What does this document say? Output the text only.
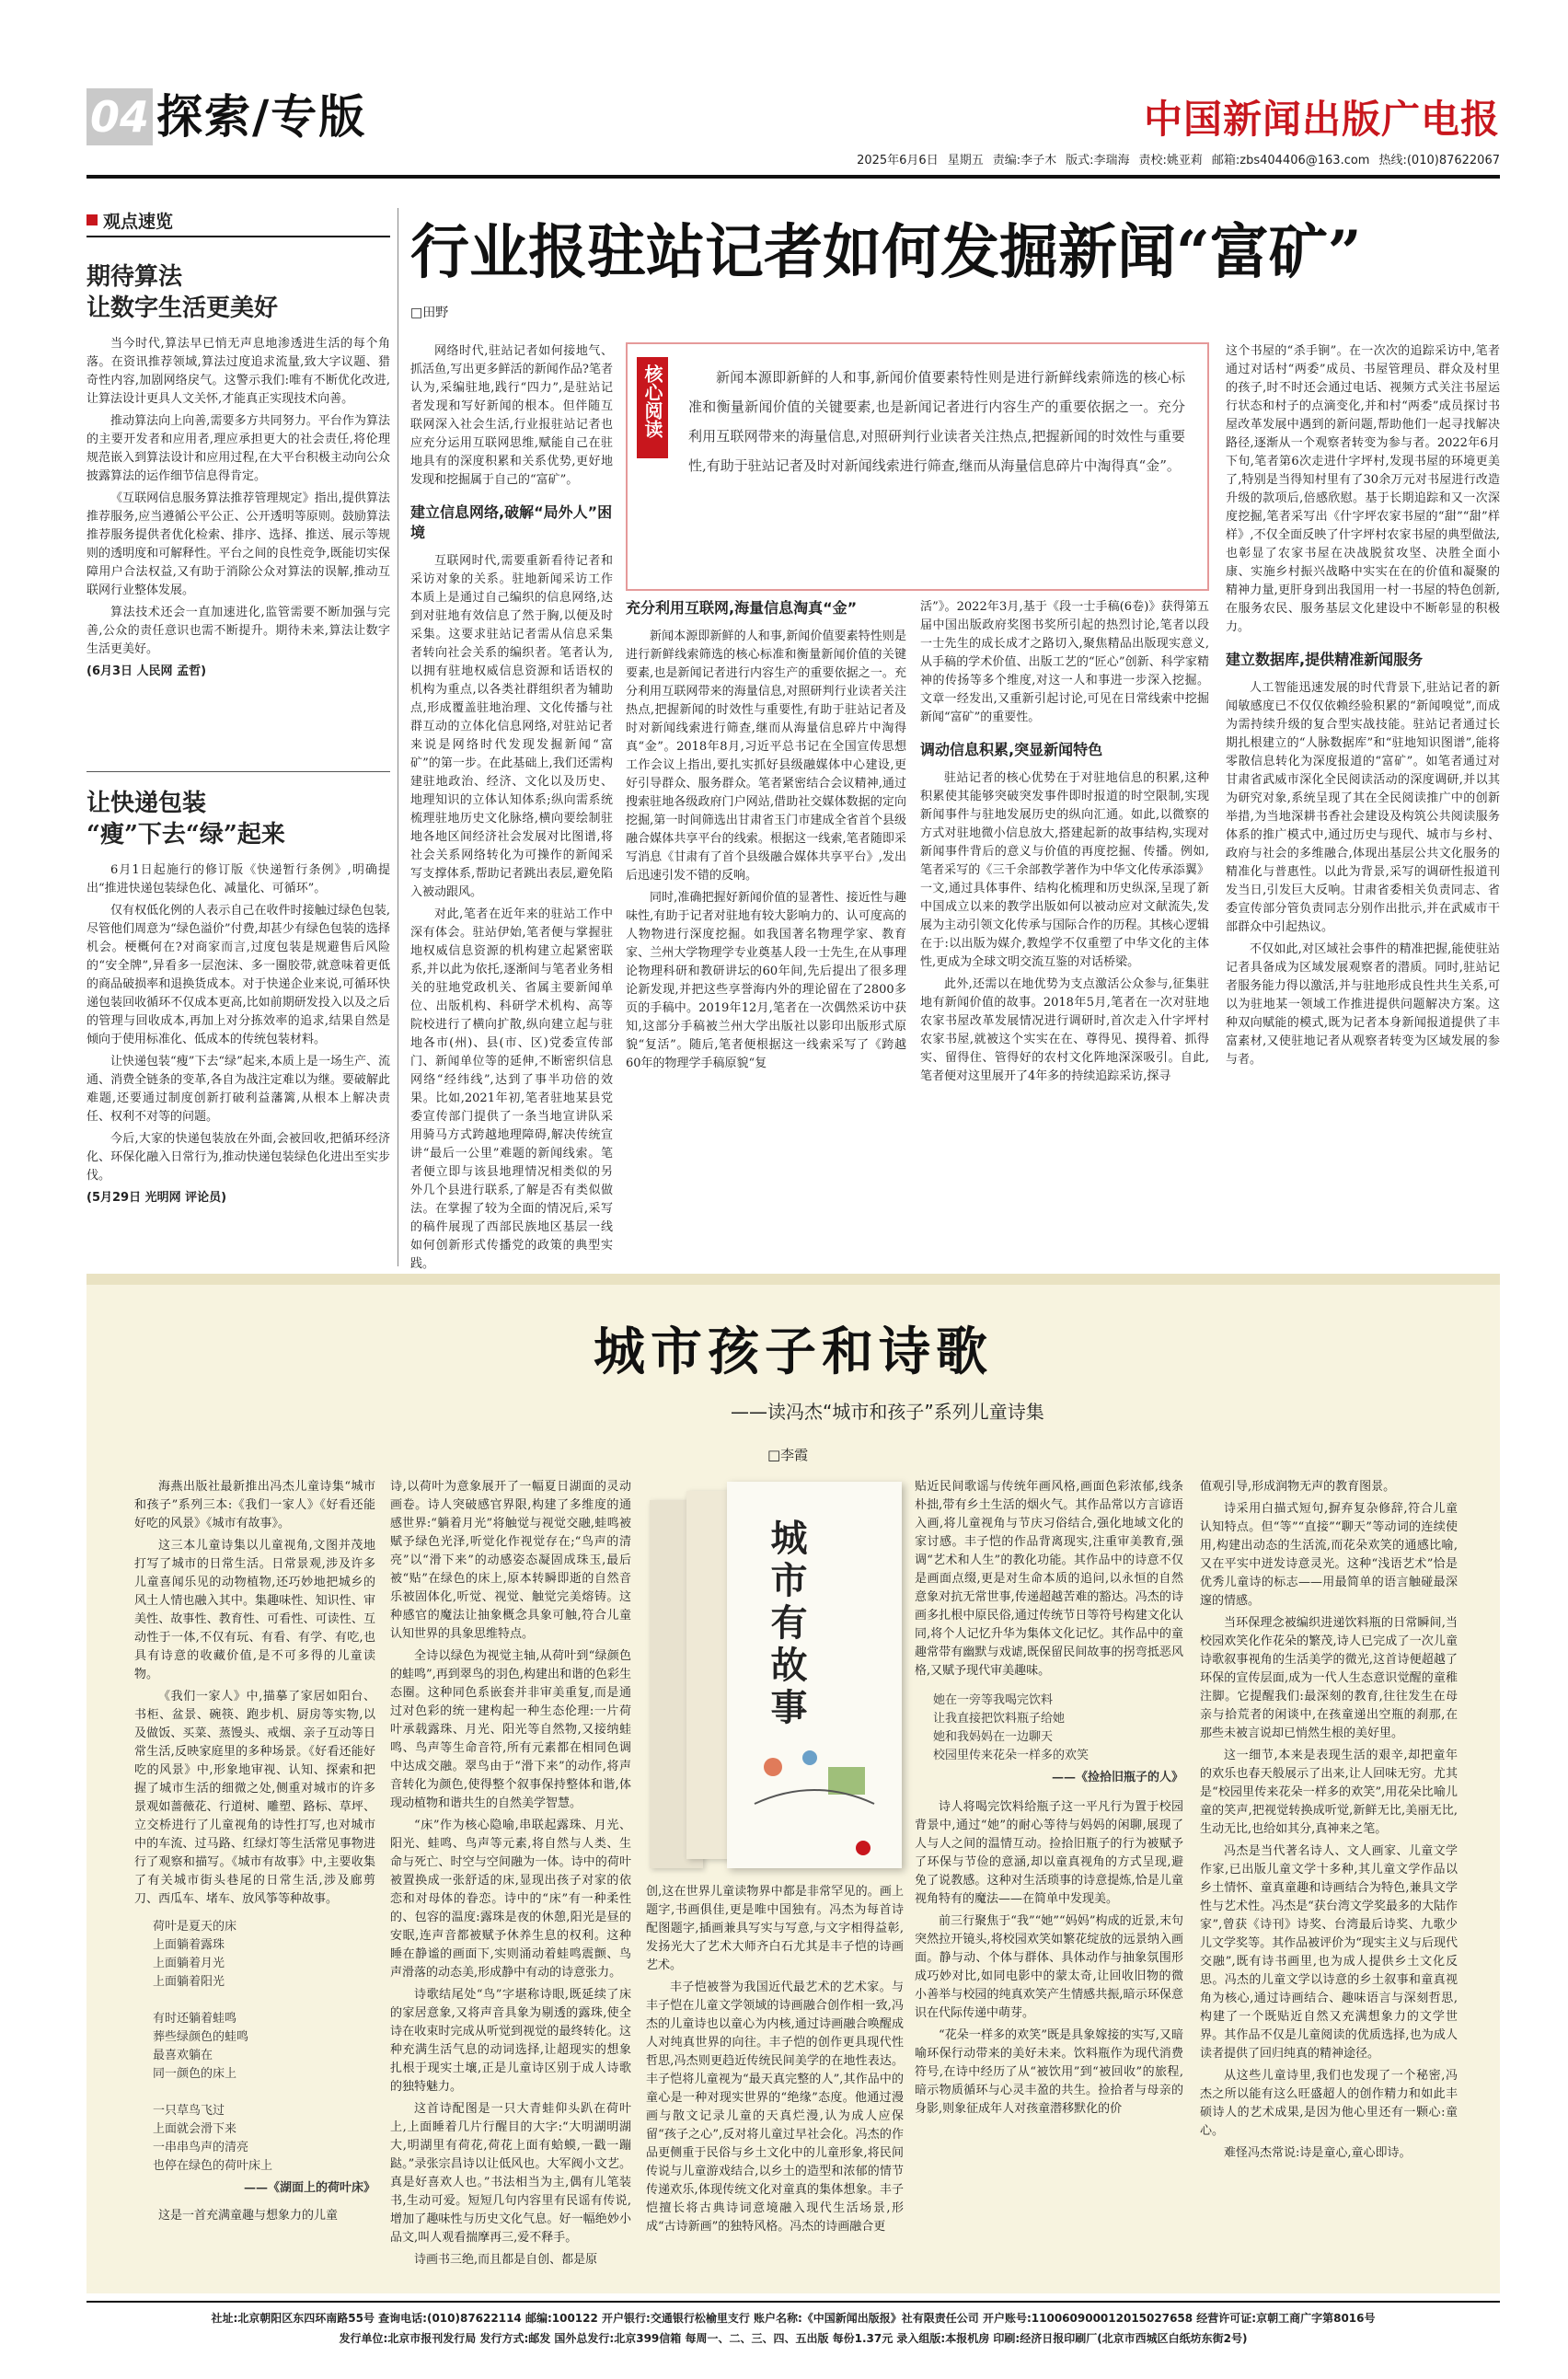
04 探索/专版	中国新闻出版广电报
2025年6月6日 星期五 责编:李子木 版式:李瑞海 责校:姚亚莉 邮箱:zbs404406@163.com 热线:(010)87622067
观点速览
期待算法
让数字生活更美好

当今时代,算法早已悄无声息地渗透进生活的每个角落。在资讯推荐领域,算法过度追求流量,致大字议题、猎奇性内容,加剧网络戾气。这警示我们:唯有不断优化改进,让算法设计更具人文关怀,才能真正实现技术向善。

推动算法向上向善,需要多方共同努力。平台作为算法的主要开发者和应用者,理应承担更大的社会责任,将伦理规范嵌入到算法设计和应用过程,在大平台积极主动向公众披露算法的运作细节信息得肯定。

《互联网信息服务算法推荐管理规定》指出,提供算法推荐服务,应当遵循公平公正、公开透明等原则。鼓励算法推荐服务提供者优化检索、排序、选择、推送、展示等规则的透明度和可解释性。平台之间的良性竞争,既能切实保障用户合法权益,又有助于消除公众对算法的误解,推动互联网行业整体发展。

算法技术还会一直加速进化,监管需要不断加强与完善,公众的责任意识也需不断提升。期待未来,算法让数字生活更美好。

(6月3日 人民网 孟哲)
让快递包装
“瘦”下去“绿”起来

6月1日起施行的修订版《快递暂行条例》,明确提出“推进快递包装绿色化、减量化、可循环”。

仅有权低化例的人表示自己在收件时接触过绿色包装,尽管他们周意为“绿色溢价”付费,却甚少有绿色包装的选择机会。梗概何在?对商家而言,过度包装是规避售后风险的“安全牌”,异看多一层泡沫、多一圈胶带,就意味着更低的商品破损率和退换货成本。对于快递企业来说,可循环快递包装回收循环不仅成本更高,比如前期研发投入以及之后的管理与回收成本,再加上对分拣效率的追求,结果自然是倾向于使用标准化、低成本的传统包装材料。

让快递包装“瘦”下去“绿”起来,本质上是一场生产、流通、消费全链条的变革,各自为战注定难以为继。要破解此难题,还要通过制度创新打破利益藩篱,从根本上解决责任、权利不对等的问题。

今后,大家的快递包装放在外面,会被回收,把循环经济化、环保化融入日常行为,推动快递包装绿色化进出至实步伐。

(5月29日 光明网 评论员)
行业报驻站记者如何发掘新闻“富矿”
□田野

网络时代,驻站记者如何接地气、抓活鱼,写出更多鲜活的新闻作品?笔者认为,采编驻地,践行“四力”,是驻站记者发现和写好新闻的根本。但伴随互联网深入社会生活,行业报驻站记者也应充分运用互联网思维,赋能自己在驻地具有的深度积累和关系优势,更好地发现和挖掘属于自己的“富矿”。

建立信息网络,破解“局外人”困境

互联网时代,需要重新看待记者和采访对象的关系。驻地新闻采访工作本质上是通过自己编织的信息网络,达到对驻地有效信息了然于胸,以便及时采集。这要求驻站记者需从信息采集者转向社会关系的编织者。笔者认为,以拥有驻地权威信息资源和话语权的机构为重点,以各类社群组织者为辅助点,形成覆盖驻地治理、文化传播与社群互动的立体化信息网络,对驻站记者来说是网络时代发现发掘新闻“富矿”的第一步。在此基础上,我们还需构建驻地政治、经济、文化以及历史、地理知识的立体认知体系;纵向需系统梳理驻地历史文化脉络,横向要绘制驻地各地区间经济社会发展对比图谱,将社会关系网络转化为可操作的新闻采写支撑体系,帮助记者跳出表层,避免陷入被动跟风。

对此,笔者在近年来的驻站工作中深有体会。驻站伊始,笔者便与掌握驻地权威信息资源的机构建立起紧密联系,并以此为依托,逐渐间与笔者业务相关的驻地党政机关、省属主要新闻单位、出版机构、科研学术机构、高等院校进行了横向扩散,纵向建立起与驻地各市(州)、县(市、区)党委宣传部门、新闻单位等的延伸,不断密织信息网络“经纬线”,达到了事半功倍的效果。比如,2021年初,笔者驻地某县党委宣传部门提供了一条当地宣讲队采用骑马方式跨越地理障碍,解决传统宣讲“最后一公里”难题的新闻线索。笔者便立即与该县地理情况相类似的另外几个县进行联系,了解是否有类似做法。在掌握了较为全面的情况后,采写的稿件展现了西部民族地区基层一线如何创新形式传播党的政策的典型实践。

核心阅读	新闻本源即新鲜的人和事,新闻价值要素特性则是进行新鲜线索筛选的核心标准和衡量新闻价值的关键要素,也是新闻记者进行内容生产的重要依据之一。充分利用互联网带来的海量信息,对照研判行业读者关注热点,把握新闻的时效性与重要性,有助于驻站记者及时对新闻线索进行筛查,继而从海量信息碎片中淘得真“金”。
充分利用互联网,海量信息淘真“金”

新闻本源即新鲜的人和事,新闻价值要素特性则是进行新鲜线索筛选的核心标准和衡量新闻价值的关键要素,也是新闻记者进行内容生产的重要依据之一。充分利用互联网带来的海量信息,对照研判行业读者关注热点,把握新闻的时效性与重要性,有助于驻站记者及时对新闻线索进行筛查,继而从海量信息碎片中淘得真“金”。2018年8月,习近平总书记在全国宣传思想工作会议上指出,要扎实抓好县级融媒体中心建设,更好引导群众、服务群众。笔者紧密结合会议精神,通过搜索驻地各级政府门户网站,借助社交媒体数据的定向挖掘,第一时间筛选出甘肃省玉门市建成全省首个县级融合媒体共享平台的线索。根据这一线索,笔者随即采写消息《甘肃有了首个县级融合媒体共享平台》,发出后迅速引发不错的反响。

同时,准确把握好新闻价值的显著性、接近性与趣味性,有助于记者对驻地有较大影响力的、认可度高的人物物进行深度挖掘。如我国著名物理学家、教育家、兰州大学物理学专业奠基人段一士先生,在从事理论物理科研和教研讲坛的60年间,先后提出了很多理论新发现,并把这些享誉海内外的理论留在了2800多页的手稿中。2019年12月,笔者在一次偶然采访中获知,这部分手稿被兰州大学出版社以影印出版形式原貌“复活”。随后,笔者便根据这一线索采写了《跨越60年的物理学手稿原貌“复

活”》。2022年3月,基于《段一士手稿(6卷)》获得第五届中国出版政府奖图书奖所引起的热烈讨论,笔者以段一士先生的成长成才之路切入,聚焦精品出版现实意义,从手稿的学术价值、出版工艺的“匠心”创新、科学家精神的传扬等多个维度,对这一人和事进一步深入挖掘。文章一经发出,又重新引起讨论,可见在日常线索中挖掘新闻“富矿”的重要性。

调动信息积累,突显新闻特色

驻站记者的核心优势在于对驻地信息的积累,这种积累使其能够突破突发事件即时报道的时空限制,实现新闻事件与驻地发展历史的纵向汇通。如此,以微察的方式对驻地微小信息放大,搭建起新的故事结构,实现对新闻事件背后的意义与价值的再度挖掘、传播。例如,笔者采写的《三千余部教学著作为中华文化传承添翼》一文,通过具体事件、结构化梳理和历史纵深,呈现了新中国成立以来的教学出版如何以被动应对文献流失,发展为主动引领文化传承与国际合作的历程。其核心逻辑在于:以出版为媒介,教煌学不仅重塑了中华文化的主体性,更成为全球文明交流互鉴的对话桥梁。

此外,还需以在地优势为支点激活公众参与,征集驻地有新闻价值的故事。2018年5月,笔者在一次对驻地农家书屋改革发展情况进行调研时,首次走入什字坪村农家书屋,就被这个实实在在、尊得见、摸得着、抓得实、留得住、管得好的农村文化阵地深深吸引。自此,笔者便对这里展开了4年多的持续追踪采访,探寻

这个书屋的“杀手锏”。在一次次的追踪采访中,笔者通过对话村“两委”成员、书屋管理员、群众及村里的孩子,时不时还会通过电话、视频方式关注书屋运行状态和村子的点滴变化,并和村“两委”成员探讨书屋改革发展中遇到的新问题,帮助他们一起寻找解决路径,逐渐从一个观察者转变为参与者。2022年6月下旬,笔者第6次走进什字坪村,发现书屋的环境更美了,特别是当得知村里有了30余万元对书屋进行改造升级的款项后,倍感欣慰。基于长期追踪和又一次深度挖掘,笔者采写出《什字坪农家书屋的“甜”“甜”样样》,不仅全面反映了什字坪村农家书屋的典型做法,也彰显了农家书屋在决战脱贫攻坚、决胜全面小康、实施乡村振兴战略中实实在在的价值和凝聚的精神力量,更肝身到出我国用一村一书屋的特色创新,在服务农民、服务基层文化建设中不断彰显的积极力。

建立数据库,提供精准新闻服务

人工智能迅速发展的时代背景下,驻站记者的新闻敏感度已不仅仅依赖经验积累的“新闻嗅觉”,而成为需持续升级的复合型实战技能。驻站记者通过长期扎根建立的“人脉数据库”和“驻地知识图谱”,能将零散信息转化为深度报道的“富矿”。如笔者通过对甘肃省武威市深化全民阅读活动的深度调研,并以其为研究对象,系统呈现了其在全民阅读推广中的创新举措,为当地深耕书香社会建设及构筑公共阅读服务体系的推广模式中,通过历史与现代、城市与乡村、政府与社会的多维融合,体现出基层公共文化服务的精准化与普惠性。以此为背景,采写的调研性报道刊发当日,引发巨大反响。甘肃省委相关负责同志、省委宣传部分管负责同志分别作出批示,并在武威市干部群众中引起热议。

不仅如此,对区域社会事件的精准把握,能使驻站记者具备成为区域发展观察者的潜质。同时,驻站记者服务能力得以激活,并与驻地形成良性共生关系,可以为驻地某一领域工作推进提供问题解决方案。这种双向赋能的模式,既为记者本身新闻报道提供了丰富素材,又使驻地记者从观察者转变为区域发展的参与者。

城市孩子和诗歌
——读冯杰“城市和孩子”系列儿童诗集
□李霞

海燕出版社最新推出冯杰儿童诗集“城市和孩子”系列三本:《我们一家人》《好看还能好吃的风景》《城市有故事》。

这三本儿童诗集以儿童视角,文图并茂地打写了城市的日常生活。日常景观,涉及许多儿童喜闻乐见的动物植物,还巧妙地把城乡的风土人情也融入其中。集趣味性、知识性、审美性、故事性、教育性、可看性、可读性、互动性于一体,不仅有玩、有看、有学、有吃,也具有诗意的收藏价值,是不可多得的儿童读物。

《我们一家人》中,描摹了家居如阳台、书柜、盆景、碗筷、跑步机、厨房等实物,以及做饭、买菜、蒸馒头、戒烟、亲子互动等日常生活,反映家庭里的多种场景。《好看还能好吃的风景》中,形象地审视、认知、探索和把握了城市生活的细微之处,侧重对城市的许多景观如蔷薇花、行道树、雕塑、路标、草坪、立交桥进行了儿童视角的诗性打写,也对城市中的车流、过马路、红绿灯等生活常见事物进行了观察和描写。《城市有故事》中,主要收集了有关城市街头巷尾的日常生活,涉及廊剪刀、西瓜车、堵车、放风筝等种故事。

荷叶是夏天的床
上面躺着露珠
上面躺着月光
上面躺着阳光
有时还躺着蛙鸣
葬些绿颜色的蛙鸣
最喜欢躺在
同一颜色的床上
一只草鸟飞过
上面就会滑下来
一串串鸟声的清亮
也停在绿色的荷叶床上
——《湖面上的荷叶床》

这是一首充满童趣与想象力的儿童

诗,以荷叶为意象展开了一幅夏日湖面的灵动画卷。诗人突破感官界限,构建了多维度的通感世界:“躺着月光”将触觉与视觉交融,蛙鸣被赋予绿色光泽,听觉化作视觉存在;“鸟声的清亮”以“滑下来”的动感姿态凝固成珠玉,最后被“贴”在绿色的床上,原本转瞬即逝的自然音乐被固体化,听觉、视觉、触觉完美熔铸。这种感官的魔法让抽象概念具象可触,符合儿童认知世界的具象思维特点。

全诗以绿色为视觉主轴,从荷叶到“绿颜色的蛙鸣”,再到翠鸟的羽色,构建出和谐的色彩生态圈。这种同色系嵌套并非审美重复,而是通过对色彩的统一建构起一种生态伦理:一片荷叶承载露珠、月光、阳光等自然物,又接纳蛙鸣、鸟声等生命音符,所有元素都在相同色调中达成交融。翠鸟由于“滑下来”的动作,将声音转化为颜色,使得整个叙事保持整体和谐,体现动植物和谐共生的自然美学智慧。

“床”作为核心隐喻,串联起露珠、月光、阳光、蛙鸣、鸟声等元素,将自然与人类、生命与死亡、时空与空间融为一体。诗中的荷叶被置换成一张舒适的床,显现出孩子对家的依恋和对母体的眷恋。诗中的“床”有一种柔性的、包容的温度:露珠是夜的休憩,阳光是昼的安眠,连声音都被赋予休养生息的权利。这种睡在静谧的画面下,实则涌动着蛙鸣震颤、鸟声滑落的动态美,形成静中有动的诗意张力。

诗歌结尾处“鸟”字堪称诗眼,既延续了床的家居意象,又将声音具象为剔透的露珠,使全诗在收束时完成从听觉到视觉的最终转化。这种充满生活气息的动词选择,让超现实的想象扎根于现实土壤,正是儿童诗区别于成人诗歌的独特魅力。

这首诗配图是一只大青蛙仰头趴在荷叶上,上面睡着几片行醒目的大字:“大明湖明湖大,明湖里有荷花,荷花上面有蛤蟆,一戳一蹦跶。”录张宗昌诗以让低风也。大军阀小文艺。真是好喜欢人也。”书法相当为主,偶有儿笔装书,生动可爱。短短几句内容里有民谣有传说,增加了趣味性与历史文化气息。好一幅绝妙小品文,叫人观看揣摩再三,爱不释手。

诗画书三绝,而且都是自创、都是原

城市有故事

创,这在世界儿童读物界中都是非常罕见的。画上题字,书画俱佳,更是唯中国独有。冯杰为每首诗配图题字,插画兼具写实与写意,与文字相得益彰,发扬光大了艺术大师齐白石尤其是丰子恺的诗画艺术。

丰子恺被誉为我国近代最艺术的艺术家。与丰子恺在儿童文学领域的诗画融合创作相一致,冯杰的儿童诗也以童心为内核,通过诗画融合唤醒成人对纯真世界的向往。丰子恺的创作更具现代性哲思,冯杰则更趋近传统民间美学的在地性表达。丰子恺将儿童视为“最天真完整的人”,其作品中的童心是一种对现实世界的“绝缘”态度。他通过漫画与散文记录儿童的天真烂漫,认为成人应保留“孩子之心”,反对将儿童过早社会化。冯杰的作品更侧重于民俗与乡土文化中的儿童形象,将民间传说与儿童游戏结合,以乡土的造型和浓郁的情节传递欢乐,体现传统文化对童真的集体想象。丰子恺擅长将古典诗词意境融入现代生活场景,形成“古诗新画”的独特风格。冯杰的诗画融合更

贴近民间歌谣与传统年画风格,画面色彩浓郁,线条朴拙,带有乡土生活的烟火气。其作品常以方言谚语入画,将儿童视角与节庆习俗结合,强化地域文化的家讨感。丰子恺的作品背离现实,注重审美教育,强调“艺术和人生”的教化功能。其作品中的诗意不仅是画面点缀,更是对生命本质的追问,以永恒的自然意象对抗无常世事,传递超越苦难的豁达。冯杰的诗画多扎根中原民俗,通过传统节日等符号构建文化认同,将个人记忆升华为集体文化记忆。其作品中的童趣常带有幽默与戏谑,既保留民间故事的拐弯抵恶风格,又赋予现代审美趣味。

她在一旁等我喝完饮料
让我直接把饮料瓶子给她
她和我妈妈在一边聊天
校园里传来花朵一样多的欢笑
——《捡拾旧瓶子的人》

诗人将喝完饮料给瓶子这一平凡行为置于校园背景中,通过“她”的耐心等待与妈妈的闲聊,展现了人与人之间的温情互动。捡拾旧瓶子的行为被赋予了环保与节俭的意涵,却以童真视角的方式呈现,避免了说教感。这种对生活琐事的诗意提炼,恰是儿童视角特有的魔法——在简单中发现美。

前三行聚焦于“我”“她”“妈妈”构成的近景,末句突然拉开镜头,将校园欢笑如繁花绽放的远景纳入画面。静与动、个体与群体、具体动作与抽象氛围形成巧妙对比,如同电影中的蒙太奇,让回收旧物的微小善举与校园的纯真欢笑产生情感共振,暗示环保意识在代际传递中萌芽。

“花朵一样多的欢笑”既是具象嫁接的实写,又暗喻环保行动带来的美好未来。饮料瓶作为现代消费符号,在诗中经历了从“被饮用”到“被回收”的旅程,暗示物质循环与心灵丰盈的共生。捡拾者与母亲的身影,则象征成年人对孩童潜移默化的价

值观引导,形成润物无声的教育图景。

诗采用白描式短句,摒弃复杂修辞,符合儿童认知特点。但“等”“直接”“聊天”等动词的连续使用,构建出动态的生活流,而花朵欢笑的通感比喻,又在平实中迸发诗意灵光。这种“浅语艺术”恰是优秀儿童诗的标志——用最简单的语言触碰最深邃的情感。

当环保理念被编织进递饮料瓶的日常瞬间,当校园欢笑化作花朵的繁茂,诗人已完成了一次儿童诗歌叙事视角的生活美学的微光,这首诗便超越了环保的宣传层面,成为一代人生态意识觉醒的童稚注脚。它提醒我们:最深刻的教育,往往发生在母亲与拾荒者的闲谈中,在孩童递出空瓶的刹那,在那些未被言说却已悄然生根的美好里。

这一细节,本来是表现生活的艰辛,却把童年的欢乐也春天般展示了出来,让人回味无穷。尤其是“校园里传来花朵一样多的欢笑”,用花朵比喻儿童的笑声,把视觉转换成听觉,新鲜无比,美丽无比,生动无比,也给如其分,真神来之笔。

冯杰是当代著名诗人、文人画家、儿童文学作家,已出版儿童文学十多种,其儿童文学作品以乡土情怀、童真童趣和诗画结合为特色,兼具文学性与艺术性。冯杰是“获台湾文学奖最多的大陆作家”,曾获《诗刊》诗奖、台湾最后诗奖、九歌少儿文学奖等。其作品被评价为“现实主义与后现代交融”,既有诗书画里,也为成人提供乡土文化反思。冯杰的儿童文学以诗意的乡土叙事和童真视角为核心,通过诗画结合、趣味语言与深刻哲思,构建了一个既贴近自然又充满想象力的文学世界。其作品不仅是儿童阅读的优质选择,也为成人读者提供了回归纯真的精神途径。

从这些儿童诗里,我们也发现了一个秘密,冯杰之所以能有这么旺盛超人的创作精力和如此丰硕诗人的艺术成果,是因为他心里还有一颗心:童心。

难怪冯杰常说:诗是童心,童心即诗。

社址:北京朝阳区东四环南路55号 查询电话:(010)87622114 邮编:100122 开户银行:交通银行松榆里支行 账户名称:《中国新闻出版报》社有限责任公司 开户账号:110060900012015027658 经营许可证:京朝工商广字第8016号
发行单位:北京市报刊发行局 发行方式:邮发 国外总发行:北京399信箱 每周一、二、三、四、五出版 每份1.37元 录入组版:本报机房 印刷:经济日报印刷厂(北京市西城区白纸坊东街2号)
